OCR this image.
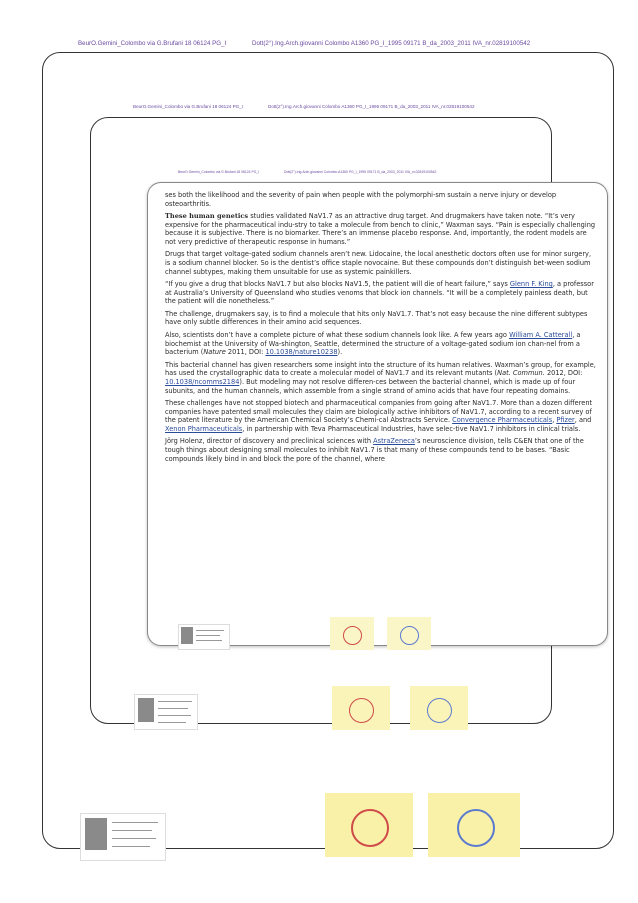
BeurO.Gemini_Colombo via G.Brufani 18 06124 PG_I	Dott(2°).Ing.Arch.giovanni Colombo A1360 PG_I_1995 09171 B_da_2003_2011 IVA_nr.02819100542
BeurO.Gemini_Colombo via G.Brufani 18 06124 PG_I	Dott(2°).Ing.Arch.giovanni Colombo A1360 PG_I_1995 09171 B_da_2003_2011 IVA_nr.02819100542
BeurO.Gemini_Colombo via G.Brufani 18 06124 PG_I	Dott(2°).Ing.Arch.giovanni Colombo A1360 PG_I_1995 09171 B_da_2003_2011 IVA_nr.02819100542

ses both the likelihood and the severity of pain when people with the polymorphi-sm sustain a nerve injury or develop osteoarthritis.

These human genetics studies validated NaV1.7 as an attractive drug target. And drugmakers have taken note. “It’s very expensive for the pharmaceutical indu-stry to take a molecule from bench to clinic,” Waxman says. “Pain is especially challenging because it is subjective. There is no biomarker. There’s an immense placebo response. And, importantly, the rodent models are not very predictive of therapeutic response in humans.”

Drugs that target voltage-gated sodium channels aren’t new. Lidocaine, the local anesthetic doctors often use for minor surgery, is a sodium channel blocker. So is the dentist’s office staple novocaine. But these compounds don’t distinguish bet-ween sodium channel subtypes, making them unsuitable for use as systemic painkillers.

“If you give a drug that blocks NaV1.7 but also blocks NaV1.5, the patient will die of heart failure,” says Glenn F. King, a professor at Australia’s University of Queensland who studies venoms that block ion channels. “It will be a completely painless death, but the patient will die nonetheless.”

The challenge, drugmakers say, is to find a molecule that hits only NaV1.7. That’s not easy because the nine different subtypes have only subtle differences in their amino acid sequences.

Also, scientists don’t have a complete picture of what these sodium channels look like. A few years ago William A. Catterall, a biochemist at the University of Wa-shington, Seattle, determined the structure of a voltage-gated sodium ion chan-nel from a bacterium (Nature 2011, DOI: 10.1038/nature10238).

This bacterial channel has given researchers some insight into the structure of its human relatives. Waxman’s group, for example, has used the crystallographic data to create a molecular model of NaV1.7 and its relevant mutants (Nat. Commun. 2012, DOI: 10.1038/ncomms2184). But modeling may not resolve differen-ces between the bacterial channel, which is made up of four subunits, and the human channels, which assemble from a single strand of amino acids that have four repeating domains.

These challenges have not stopped biotech and pharmaceutical companies from going after NaV1.7. More than a dozen different companies have patented small molecules they claim are biologically active inhibitors of NaV1.7, according to a recent survey of the patent literature by the American Chemical Society’s Chemi-cal Abstracts Service. Convergence Pharmaceuticals, Pfizer, and Xenon Pharmaceuticals, in partnership with Teva Pharmaceutical Industries, have selec-tive NaV1.7 inhibitors in clinical trials.

Jörg Holenz, director of discovery and preclinical sciences with AstraZeneca’s neuroscience division, tells C&EN that one of the tough things about designing small molecules to inhibit NaV1.7 is that many of these compounds tend to be bases. “Basic compounds likely bind in and block the pore of the channel, where
